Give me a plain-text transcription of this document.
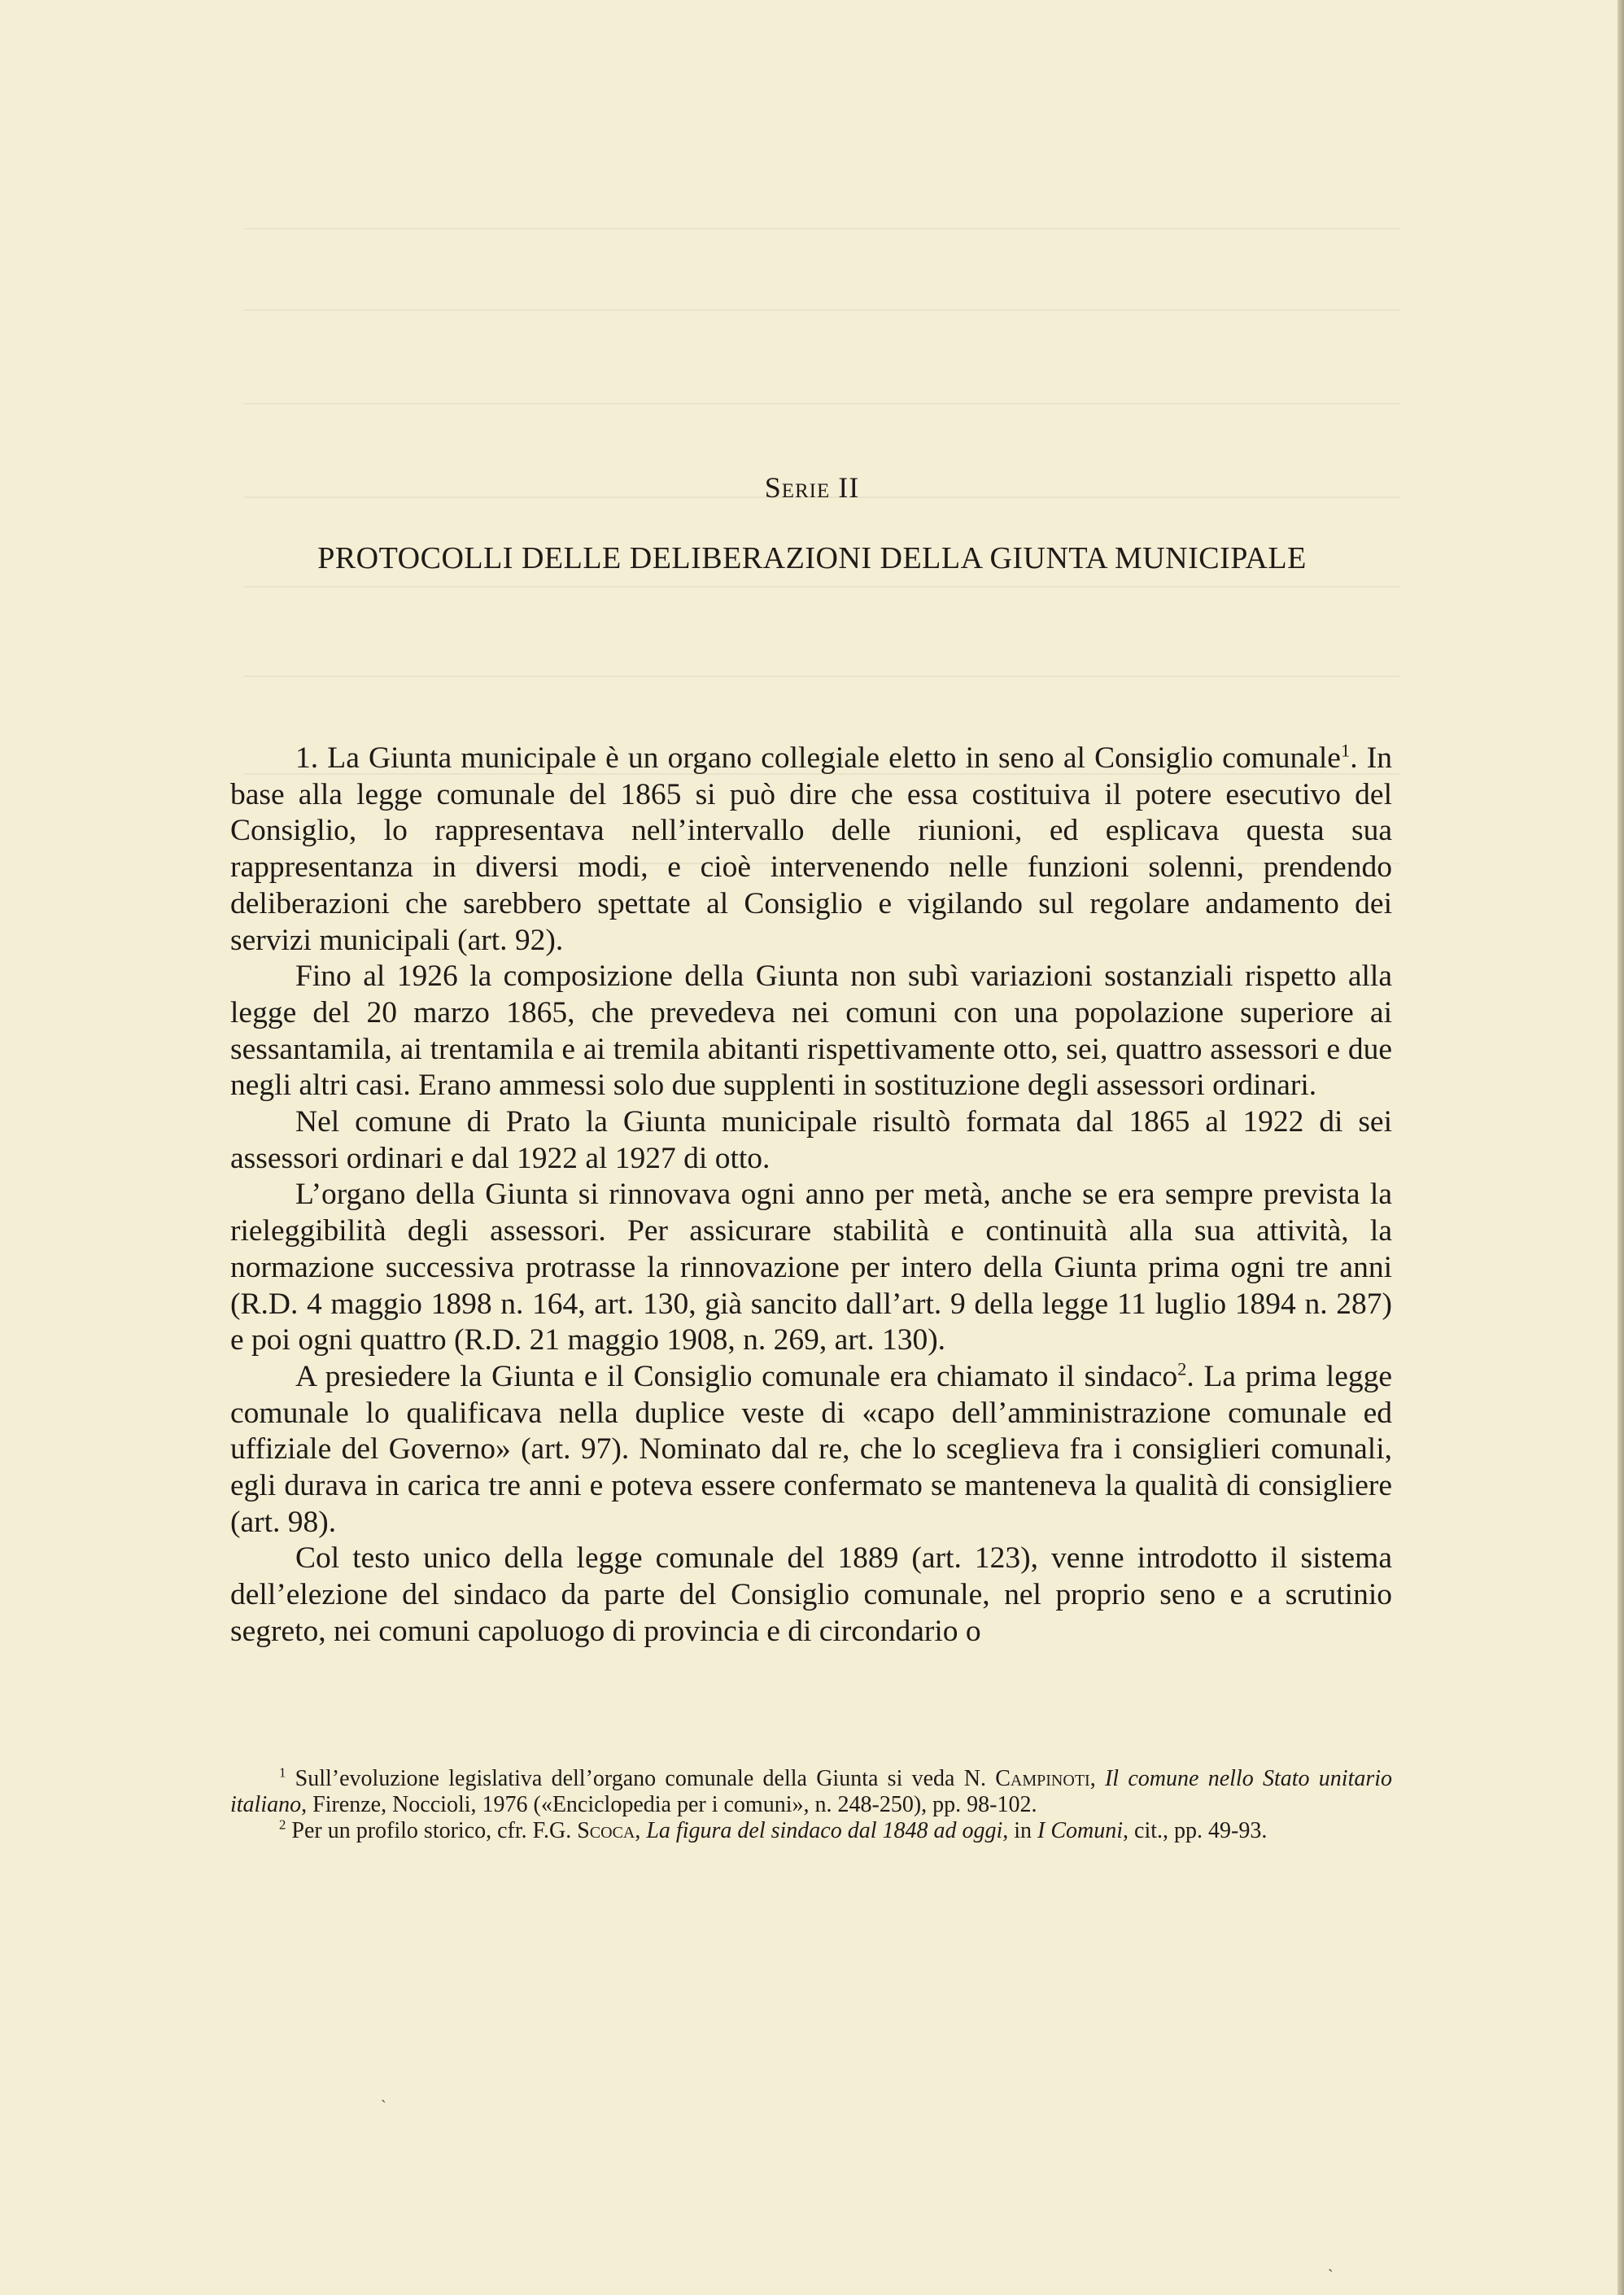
Serie II
PROTOCOLLI DELLE DELIBERAZIONI DELLA GIUNTA MUNICIPALE

1. La Giunta municipale è un organo collegiale eletto in seno al Consiglio comunale$^1$. In base alla legge comunale del 1865 si può dire che essa costituiva il potere esecutivo del Consiglio, lo rappresentava nell’intervallo delle riunioni, ed esplicava questa sua rappresentanza in diversi modi, e cioè intervenendo nelle funzioni solenni, prendendo deliberazioni che sarebbero spettate al Consiglio e vigilando sul regolare andamento dei servizi municipali (art. 92).

Fino al 1926 la composizione della Giunta non subì variazioni sostanziali rispetto alla legge del 20 marzo 1865, che prevedeva nei comuni con una popolazione superiore ai sessantamila, ai trentamila e ai tremila abitanti rispettivamente otto, sei, quattro assessori e due negli altri casi. Erano ammessi solo due supplenti in sostituzione degli assessori ordinari.

Nel comune di Prato la Giunta municipale risultò formata dal 1865 al 1922 di sei assessori ordinari e dal 1922 al 1927 di otto.

L’organo della Giunta si rinnovava ogni anno per metà, anche se era sempre prevista la rieleggibilità degli assessori. Per assicurare stabilità e continuità alla sua attività, la normazione successiva protrasse la rinnovazione per intero della Giunta prima ogni tre anni (R.D. 4 maggio 1898 n. 164, art. 130, già sancito dall’art. 9 della legge 11 luglio 1894 n. 287) e poi ogni quattro (R.D. 21 maggio 1908, n. 269, art. 130).

A presiedere la Giunta e il Consiglio comunale era chiamato il sindaco$^2$. La prima legge comunale lo qualificava nella duplice veste di «capo dell’amministrazione comunale ed uffiziale del Governo» (art. 97). Nominato dal re, che lo sceglieva fra i consiglieri comunali, egli durava in carica tre anni e poteva essere confermato se manteneva la qualità di consigliere (art. 98).

Col testo unico della legge comunale del 1889 (art. 123), venne introdotto il sistema dell’elezione del sindaco da parte del Consiglio comunale, nel proprio seno e a scrutinio segreto, nei comuni capoluogo di provincia e di circondario o

$^1$ Sull’evoluzione legislativa dell’organo comunale della Giunta si veda N. Campinoti, Il comune nello Stato unitario italiano, Firenze, Noccioli, 1976 («Enciclopedia per i comuni», n. 248-250), pp. 98-102.

$^2$ Per un profilo storico, cfr. F.G. Scoca, La figura del sindaco dal 1848 ad oggi, in I Comuni, cit., pp. 49-93.

ˏ
ˏ
